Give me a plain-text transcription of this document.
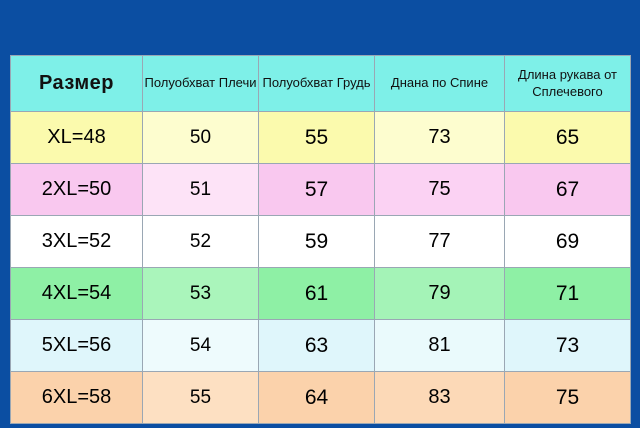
Размер	Полуобхват Плечи	Полуобхват Грудь	Днана по Спине	Длина рукава от Сплечевого
XL=48	50	55	73	65
2XL=50	51	57	75	67
3XL=52	52	59	77	69
4XL=54	53	61	79	71
5XL=56	54	63	81	73
6XL=58	55	64	83	75
